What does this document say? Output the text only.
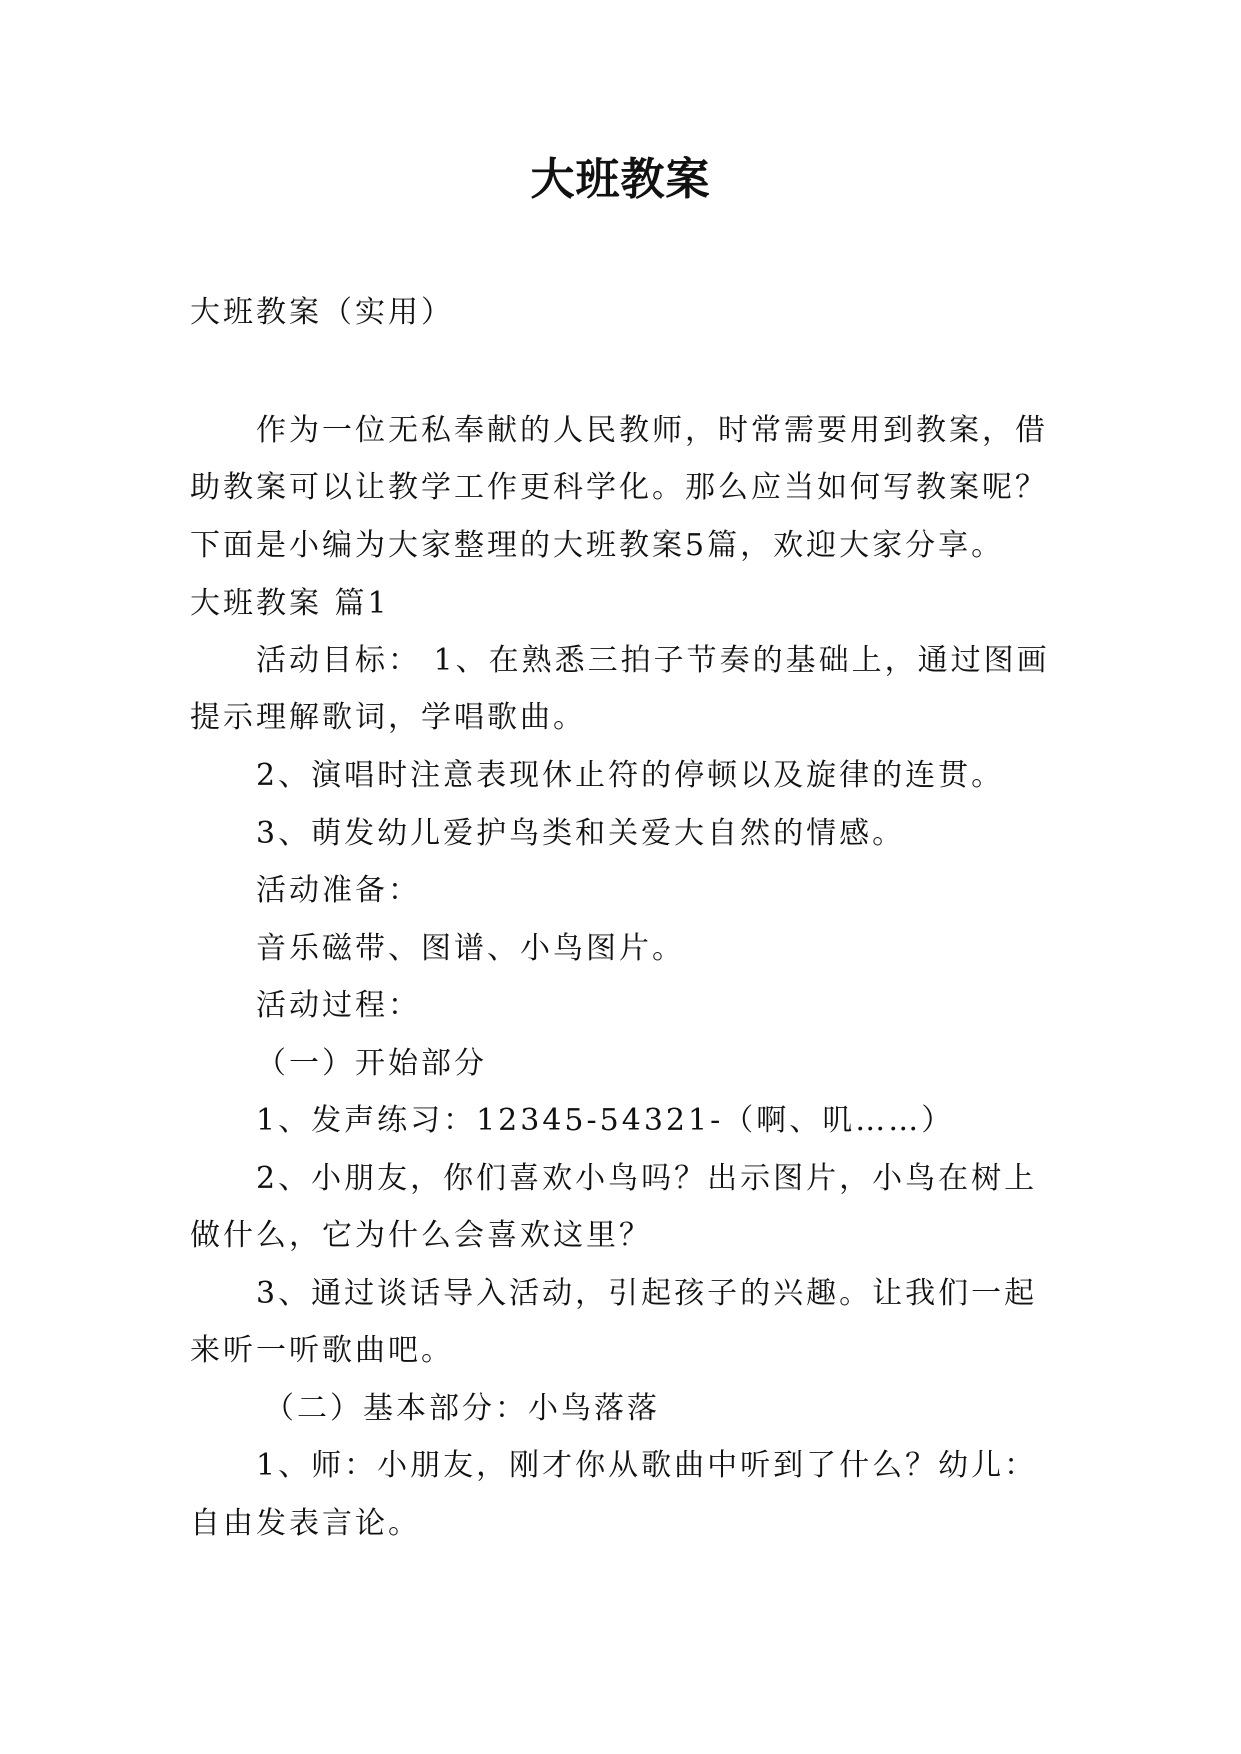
大班教案

大班教案（实用）

作为一位无私奉献的人民教师，时常需要用到教案，借

助教案可以让教学工作更科学化。那么应当如何写教案呢？

下面是小编为大家整理的大班教案5篇，欢迎大家分享。

大班教案 篇1

活动目标： 1、在熟悉三拍子节奏的基础上，通过图画

提示理解歌词，学唱歌曲。

2、演唱时注意表现休止符的停顿以及旋律的连贯。

3、萌发幼儿爱护鸟类和关爱大自然的情感。

活动准备：

音乐磁带、图谱、小鸟图片。

活动过程：

（一）开始部分

1、发声练习：12345-54321-（啊、叽……）

2、小朋友，你们喜欢小鸟吗？出示图片，小鸟在树上

做什么，它为什么会喜欢这里？

3、通过谈话导入活动，引起孩子的兴趣。让我们一起

来听一听歌曲吧。

（二）基本部分：小鸟落落

1、师：小朋友，刚才你从歌曲中听到了什么？幼儿：

自由发表言论。
